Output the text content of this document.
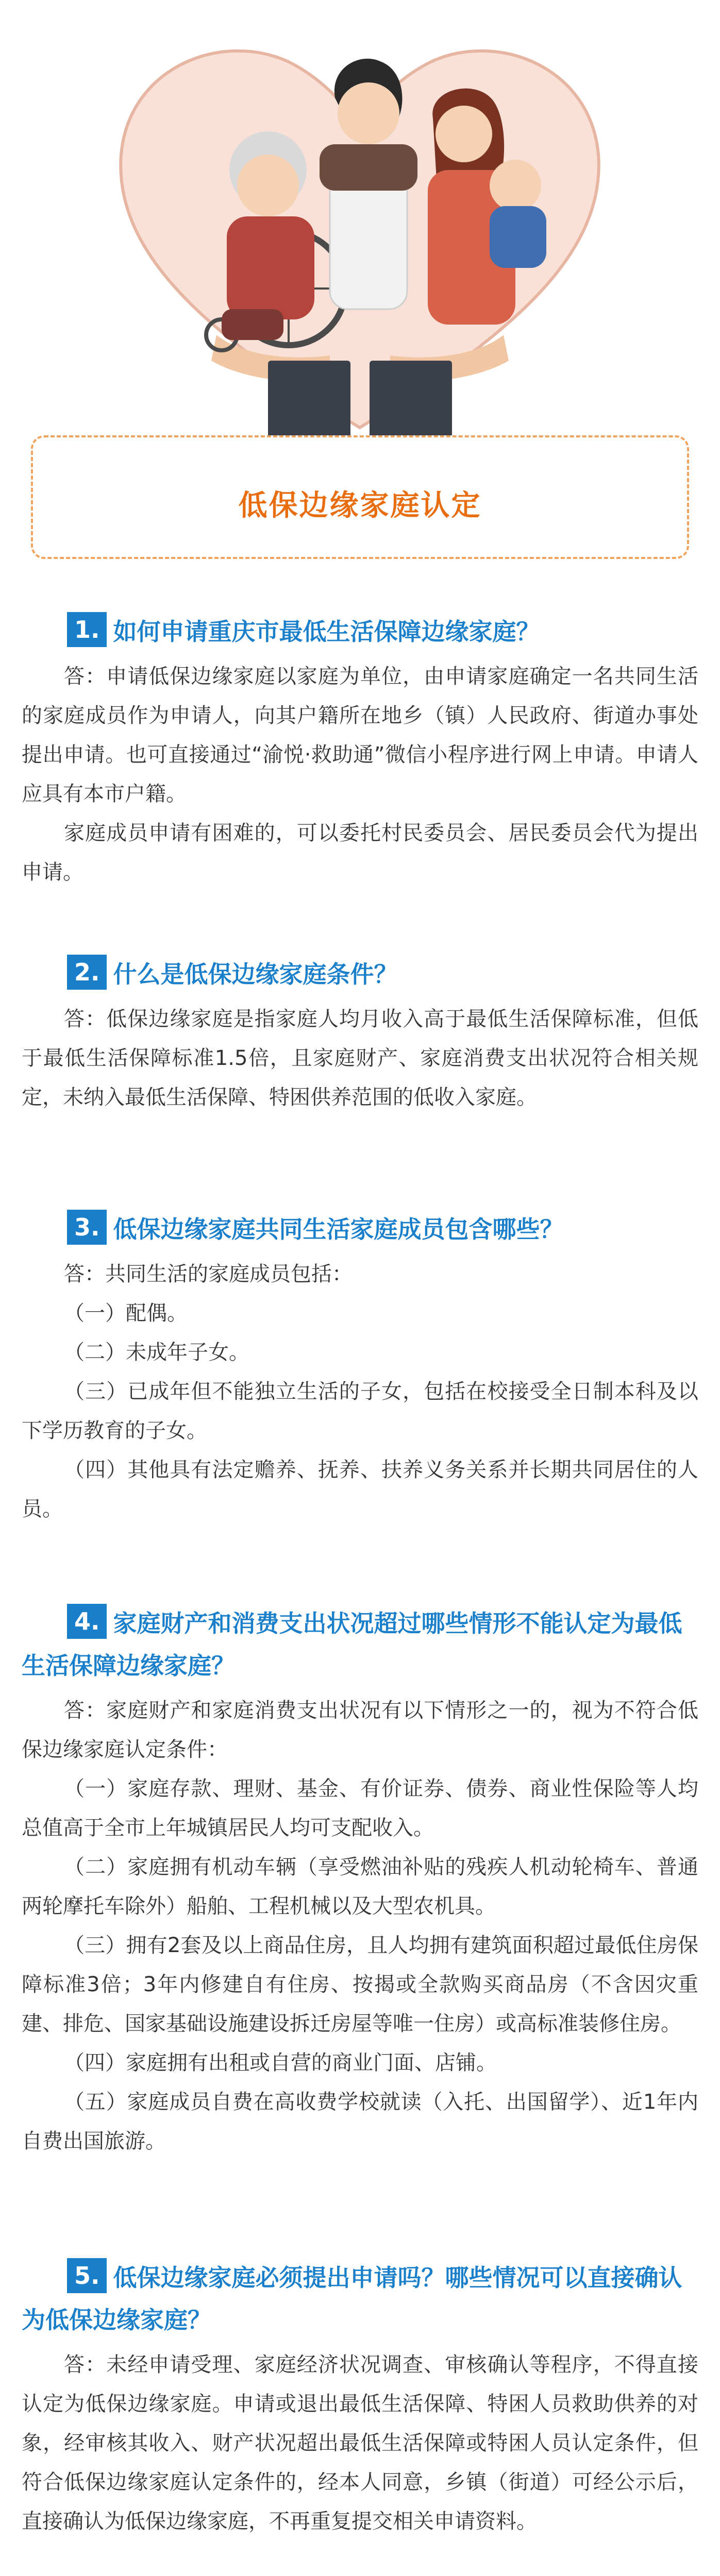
低保边缘家庭认定
1. 如何申请重庆市最低生活保障边缘家庭？

答：申请低保边缘家庭以家庭为单位，由申请家庭确定一名共同生活的家庭成员作为申请人，向其户籍所在地乡（镇）人民政府、街道办事处提出申请。也可直接通过“渝悦·救助通”微信小程序进行网上申请。申请人应具有本市户籍。

家庭成员申请有困难的，可以委托村民委员会、居民委员会代为提出申请。

2. 什么是低保边缘家庭条件？

答：低保边缘家庭是指家庭人均月收入高于最低生活保障标准，但低于最低生活保障标准1.5倍，且家庭财产、家庭消费支出状况符合相关规定，未纳入最低生活保障、特困供养范围的低收入家庭。

3. 低保边缘家庭共同生活家庭成员包含哪些？

答：共同生活的家庭成员包括：

（一）配偶。

（二）未成年子女。

（三）已成年但不能独立生活的子女，包括在校接受全日制本科及以下学历教育的子女。

（四）其他具有法定赡养、抚养、扶养义务关系并长期共同居住的人员。

4. 家庭财产和消费支出状况超过哪些情形不能认定为最低生活保障边缘家庭？

答：家庭财产和家庭消费支出状况有以下情形之一的，视为不符合低保边缘家庭认定条件：

（一）家庭存款、理财、基金、有价证券、债券、商业性保险等人均总值高于全市上年城镇居民人均可支配收入。

（二）家庭拥有机动车辆（享受燃油补贴的残疾人机动轮椅车、普通两轮摩托车除外）船舶、工程机械以及大型农机具。

（三）拥有2套及以上商品住房，且人均拥有建筑面积超过最低住房保障标准3倍；3年内修建自有住房、按揭或全款购买商品房（不含因灾重建、排危、国家基础设施建设拆迁房屋等唯一住房）或高标准装修住房。

（四）家庭拥有出租或自营的商业门面、店铺。

（五）家庭成员自费在高收费学校就读（入托、出国留学）、近1年内自费出国旅游。

5. 低保边缘家庭必须提出申请吗？哪些情况可以直接确认为低保边缘家庭？

答：未经申请受理、家庭经济状况调查、审核确认等程序，不得直接认定为低保边缘家庭。申请或退出最低生活保障、特困人员救助供养的对象，经审核其收入、财产状况超出最低生活保障或特困人员认定条件，但符合低保边缘家庭认定条件的，经本人同意，乡镇（街道）可经公示后，直接确认为低保边缘家庭，不再重复提交相关申请资料。
